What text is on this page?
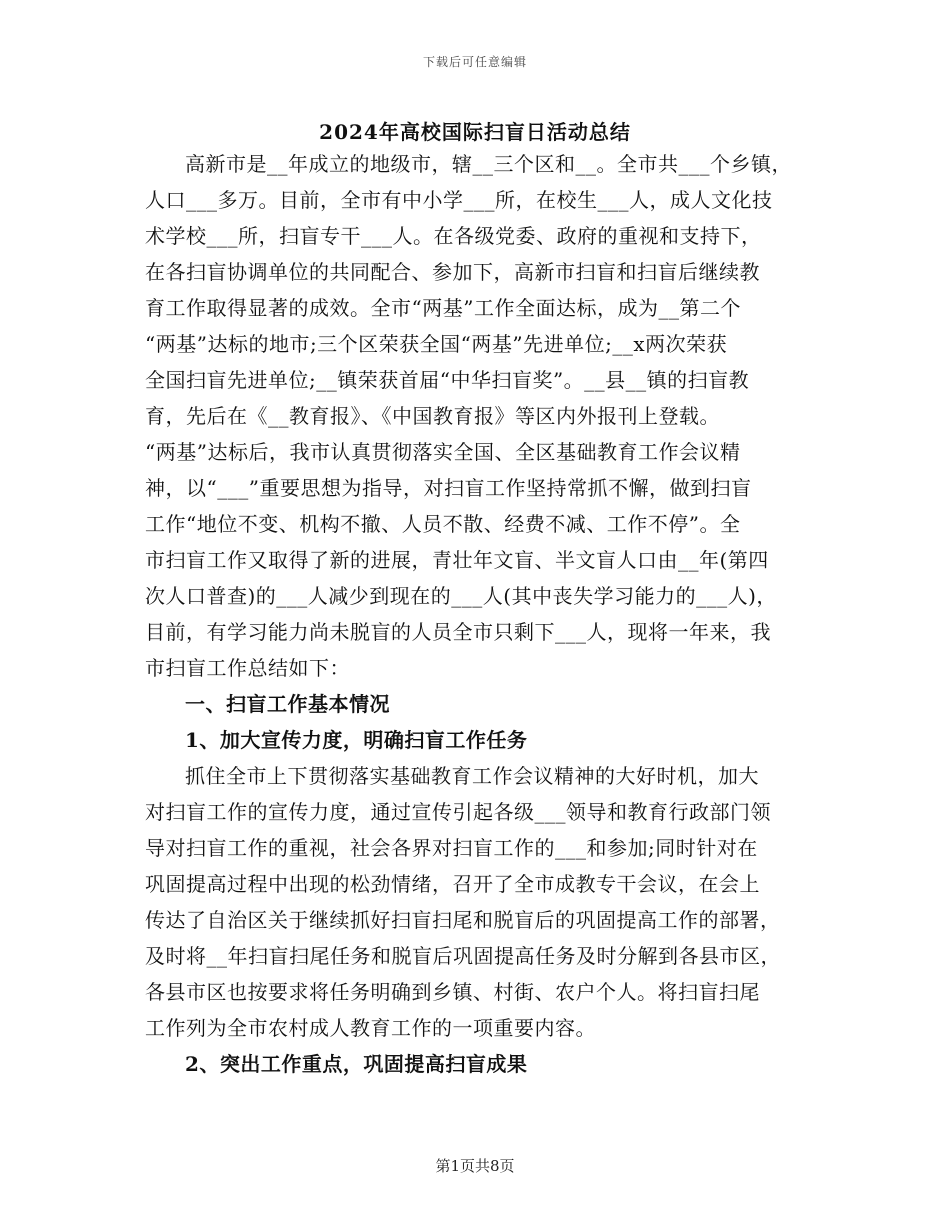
下载后可任意编辑
2024年高校国际扫盲日活动总结
高新市是__年成立的地级市，辖__三个区和__。全市共___个乡镇，
人口___多万。目前，全市有中小学___所，在校生___人，成人文化技
术学校___所，扫盲专干___人。在各级党委、政府的重视和支持下，
在各扫盲协调单位的共同配合、参加下，高新市扫盲和扫盲后继续教
育工作取得显著的成效。全市“两基”工作全面达标，成为__第二个
“两基”达标的地市;三个区荣获全国“两基”先进单位;__x两次荣获
全国扫盲先进单位;__镇荣获首届“中华扫盲奖”。__县__镇的扫盲教
育，先后在《__教育报》、《中国教育报》等区内外报刊上登载。
“两基”达标后，我市认真贯彻落实全国、全区基础教育工作会议精
神，以“___”重要思想为指导，对扫盲工作坚持常抓不懈，做到扫盲
工作“地位不变、机构不撤、人员不散、经费不减、工作不停”。全
市扫盲工作又取得了新的进展，青壮年文盲、半文盲人口由__年(第四
次人口普查)的___人减少到现在的___人(其中丧失学习能力的___人)，
目前，有学习能力尚未脱盲的人员全市只剩下___人，现将一年来，我
市扫盲工作总结如下：
一、扫盲工作基本情况
1、加大宣传力度，明确扫盲工作任务
抓住全市上下贯彻落实基础教育工作会议精神的大好时机，加大
对扫盲工作的宣传力度，通过宣传引起各级___领导和教育行政部门领
导对扫盲工作的重视，社会各界对扫盲工作的___和参加;同时针对在
巩固提高过程中出现的松劲情绪，召开了全市成教专干会议，在会上
传达了自治区关于继续抓好扫盲扫尾和脱盲后的巩固提高工作的部署，
及时将__年扫盲扫尾任务和脱盲后巩固提高任务及时分解到各县市区，
各县市区也按要求将任务明确到乡镇、村街、农户个人。将扫盲扫尾
工作列为全市农村成人教育工作的一项重要内容。
2、突出工作重点，巩固提高扫盲成果
第1页共8页
